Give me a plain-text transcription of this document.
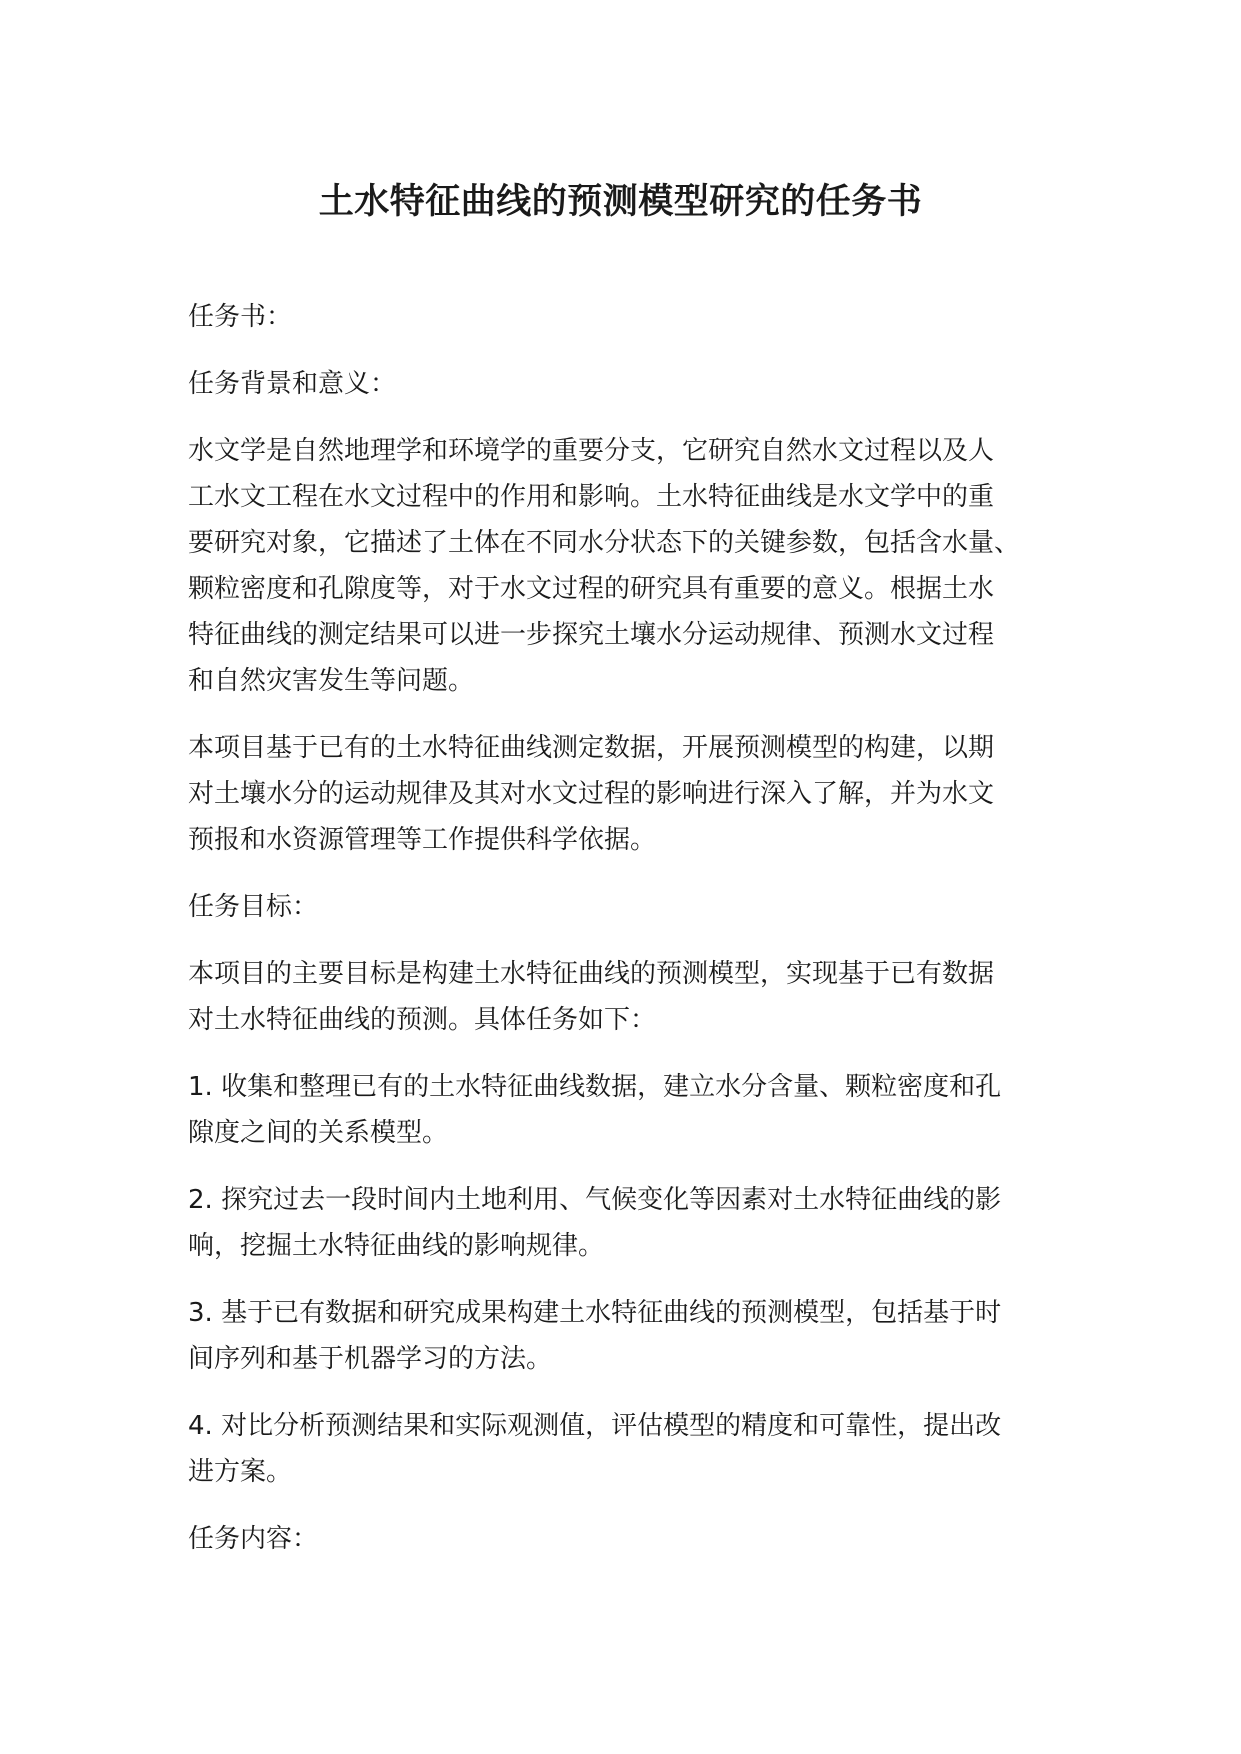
土水特征曲线的预测模型研究的任务书

任务书：

任务背景和意义：

水文学是自然地理学和环境学的重要分支，它研究自然水文过程以及人
工水文工程在水文过程中的作用和影响。土水特征曲线是水文学中的重
要研究对象，它描述了土体在不同水分状态下的关键参数，包括含水量、
颗粒密度和孔隙度等，对于水文过程的研究具有重要的意义。根据土水
特征曲线的测定结果可以进一步探究土壤水分运动规律、预测水文过程
和自然灾害发生等问题。

本项目基于已有的土水特征曲线测定数据，开展预测模型的构建，以期
对土壤水分的运动规律及其对水文过程的影响进行深入了解，并为水文
预报和水资源管理等工作提供科学依据。

任务目标：

本项目的主要目标是构建土水特征曲线的预测模型，实现基于已有数据
对土水特征曲线的预测。具体任务如下：

1. 收集和整理已有的土水特征曲线数据，建立水分含量、颗粒密度和孔
隙度之间的关系模型。

2. 探究过去一段时间内土地利用、气候变化等因素对土水特征曲线的影
响，挖掘土水特征曲线的影响规律。

3. 基于已有数据和研究成果构建土水特征曲线的预测模型，包括基于时
间序列和基于机器学习的方法。

4. 对比分析预测结果和实际观测值，评估模型的精度和可靠性，提出改
进方案。

任务内容：
